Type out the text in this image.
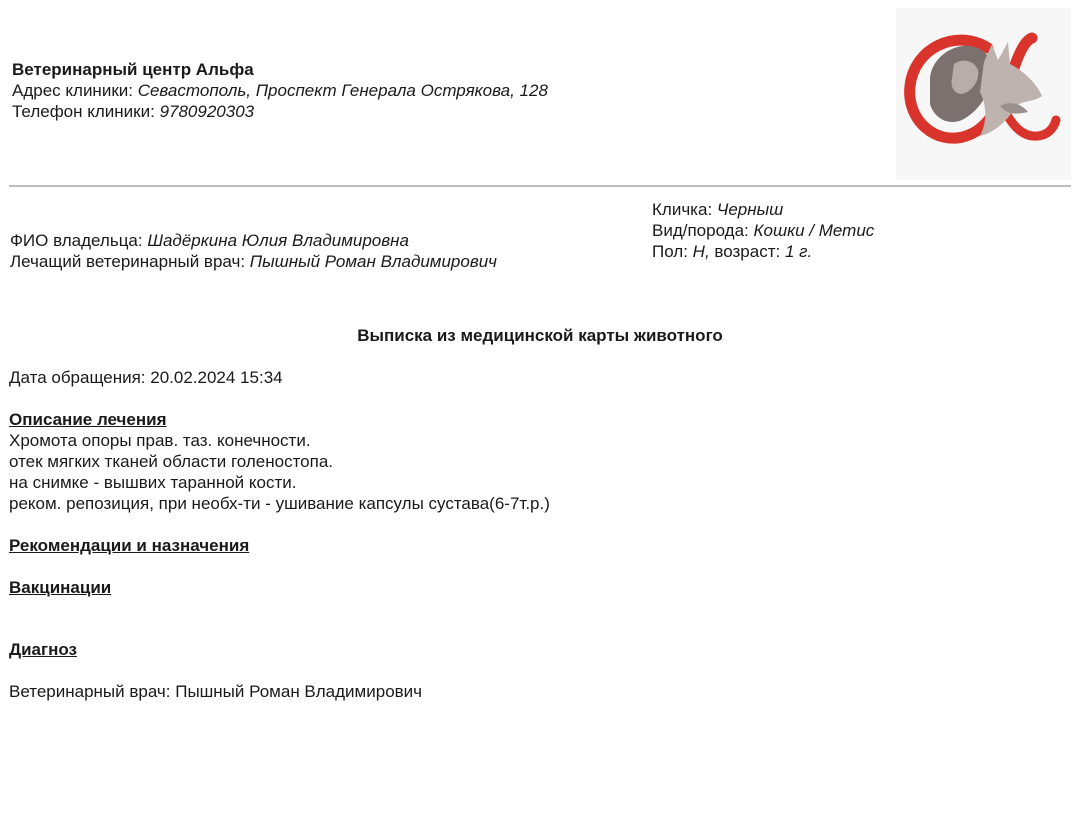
Ветеринарный центр Альфа
Адрес клиники: Севастополь, Проспект Генерала Острякова, 128
Телефон клиники: 9780920303
ФИО владельца: Шадёркина Юлия Владимировна
Лечащий ветеринарный врач: Пышный Роман Владимирович
Кличка: Черныш
Вид/порода: Кошки / Метис
Пол: Н, возраст: 1 г.
Выписка из медицинской карты животного
Дата обращения: 20.02.2024 15:34
Описание лечения
Хромота опоры прав. таз. конечности.
отек мягких тканей области голеностопа.
на снимке - вышвих таранной кости.
реком. репозиция, при необх-ти - ушивание капсулы сустава(6-7т.р.)
Рекомендации и назначения
Вакцинации
Диагноз
Ветеринарный врач: Пышный Роман Владимирович
